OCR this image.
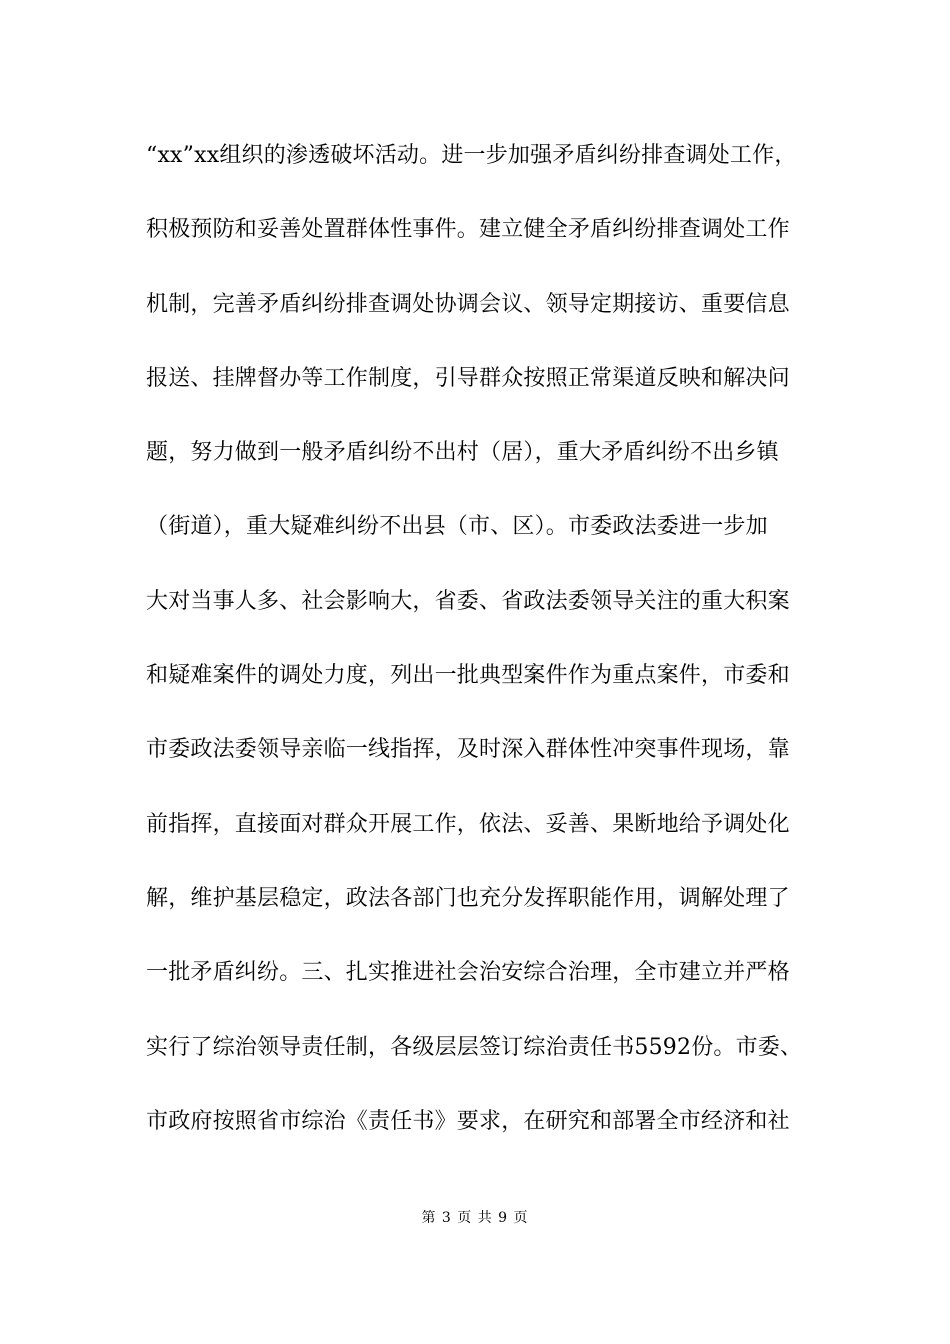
“xx”xx组织的渗透破坏活动。进一步加强矛盾纠纷排查调处工作，
积极预防和妥善处置群体性事件。建立健全矛盾纠纷排查调处工作
机制，完善矛盾纠纷排查调处协调会议、领导定期接访、重要信息
报送、挂牌督办等工作制度，引导群众按照正常渠道反映和解决问
题，努力做到一般矛盾纠纷不出村（居），重大矛盾纠纷不出乡镇
（街道），重大疑难纠纷不出县（市、区）。市委政法委进一步加
大对当事人多、社会影响大，省委、省政法委领导关注的重大积案
和疑难案件的调处力度，列出一批典型案件作为重点案件，市委和
市委政法委领导亲临一线指挥，及时深入群体性冲突事件现场，靠
前指挥，直接面对群众开展工作，依法、妥善、果断地给予调处化
解，维护基层稳定，政法各部门也充分发挥职能作用，调解处理了
一批矛盾纠纷。三、扎实推进社会治安综合治理，全市建立并严格
实行了综治领导责任制，各级层层签订综治责任书5592份。市委、
市政府按照省市综治《责任书》要求，在研究和部署全市经济和社
第 3 页 共 9 页
